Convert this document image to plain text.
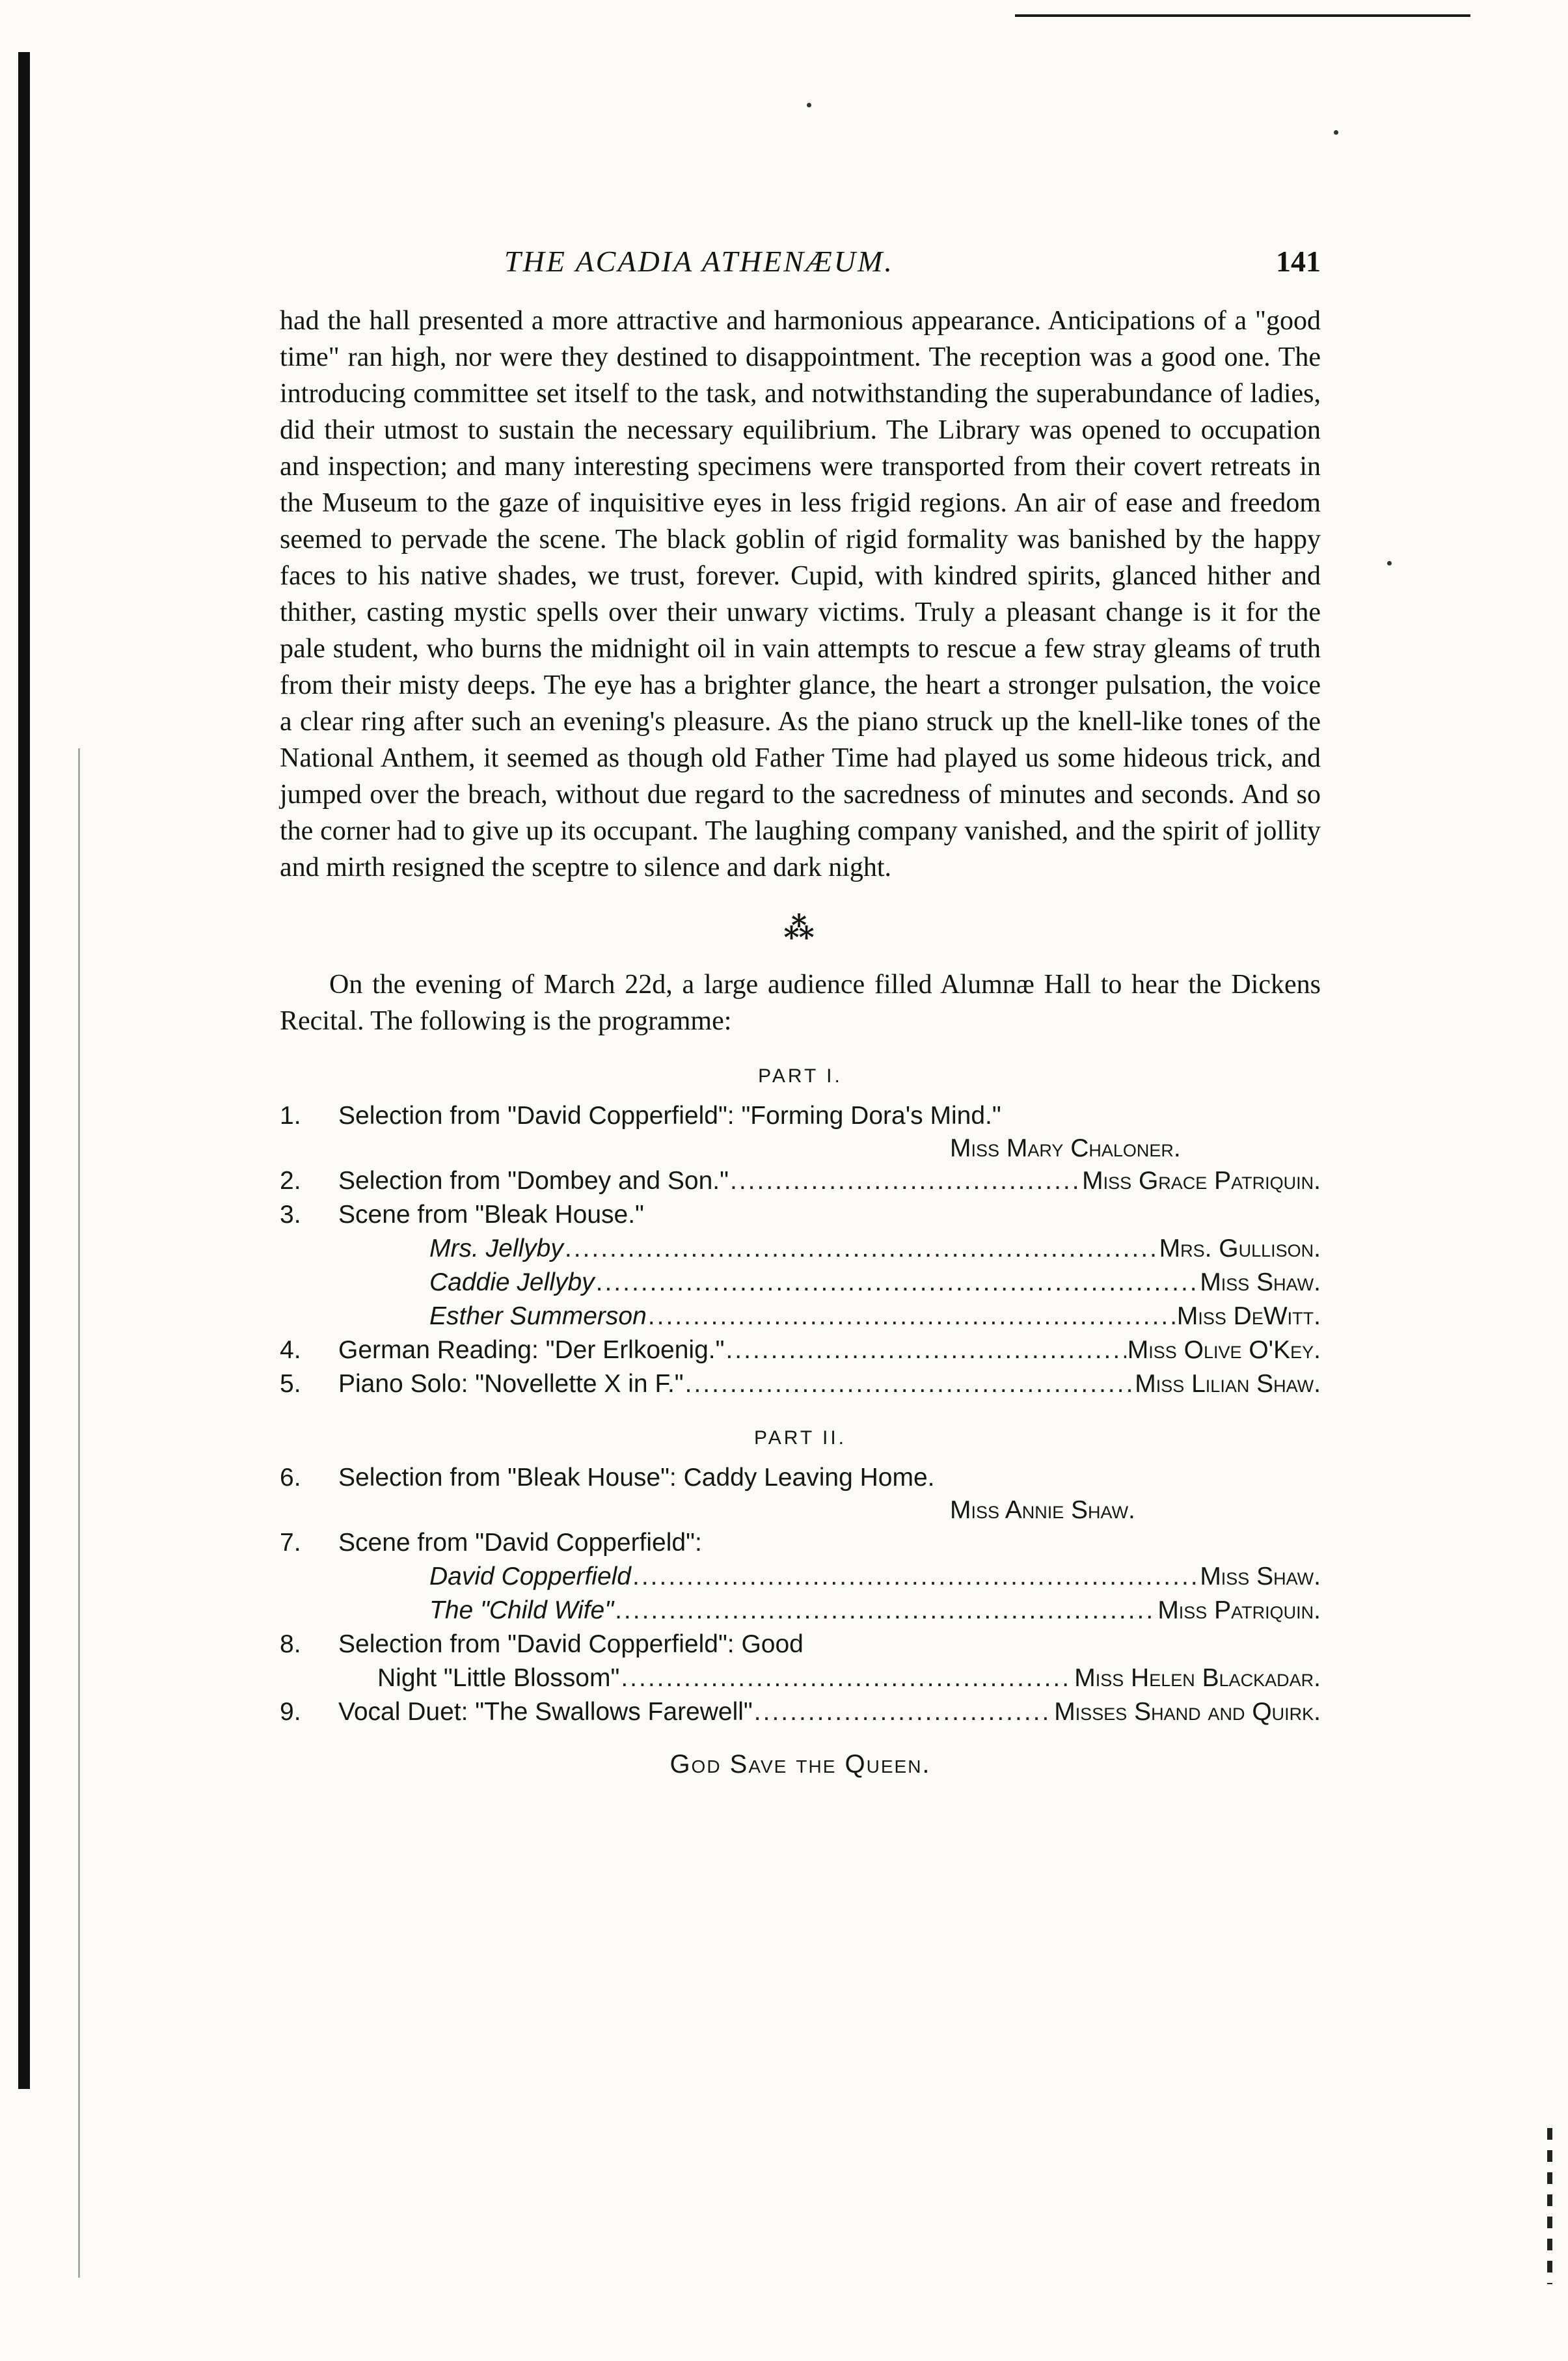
THE ACADIA ATHENÆUM.	141

had the hall presented a more attractive and harmonious appearance. Anticipations of a "good time" ran high, nor were they destined to disappointment. The reception was a good one. The introducing committee set itself to the task, and notwithstanding the superabundance of ladies, did their utmost to sustain the necessary equilibrium. The Library was opened to occupation and inspection; and many interesting specimens were transported from their covert retreats in the Museum to the gaze of inquisitive eyes in less frigid regions. An air of ease and freedom seemed to pervade the scene. The black goblin of rigid formality was banished by the happy faces to his native shades, we trust, forever. Cupid, with kindred spirits, glanced hither and thither, casting mystic spells over their unwary victims. Truly a pleasant change is it for the pale student, who burns the midnight oil in vain attempts to rescue a few stray gleams of truth from their misty deeps. The eye has a brighter glance, the heart a stronger pulsation, the voice a clear ring after such an evening's pleasure. As the piano struck up the knell-like tones of the National Anthem, it seemed as though old Father Time had played us some hideous trick, and jumped over the breach, without due regard to the sacredness of minutes and seconds. And so the corner had to give up its occupant. The laughing company vanished, and the spirit of jollity and mirth resigned the sceptre to silence and dark night.

⁂

On the evening of March 22d, a large audience filled Alumnæ Hall to hear the Dickens Recital. The following is the programme:

PART I.
1.	Selection from "David Copperfield": "Forming Dora's Mind."
Miss Mary Chaloner.
2.	Selection from "Dombey and Son." .....	Miss Grace Patriquin.
3.	Scene from "Bleak House."
Mrs. Jellyby .....	Mrs. Gullison.
Caddie Jellyby .....	Miss Shaw.
Esther Summerson .....	Miss DeWitt.
4.	German Reading: "Der Erlkoenig." .....	Miss Olive O'Key.
5.	Piano Solo: "Novellette X in F." .....	Miss Lilian Shaw.
PART II.
6.	Selection from "Bleak House": Caddy Leaving Home.
Miss Annie Shaw.
7.	Scene from "David Copperfield":
David Copperfield .....	Miss Shaw.
The "Child Wife" .....	Miss Patriquin.
8.	Selection from "David Copperfield": Good
Night "Little Blossom" .....	Miss Helen Blackadar.
9.	Vocal Duet: "The Swallows Farewell" .....	Misses Shand and Quirk.
God Save the Queen.
